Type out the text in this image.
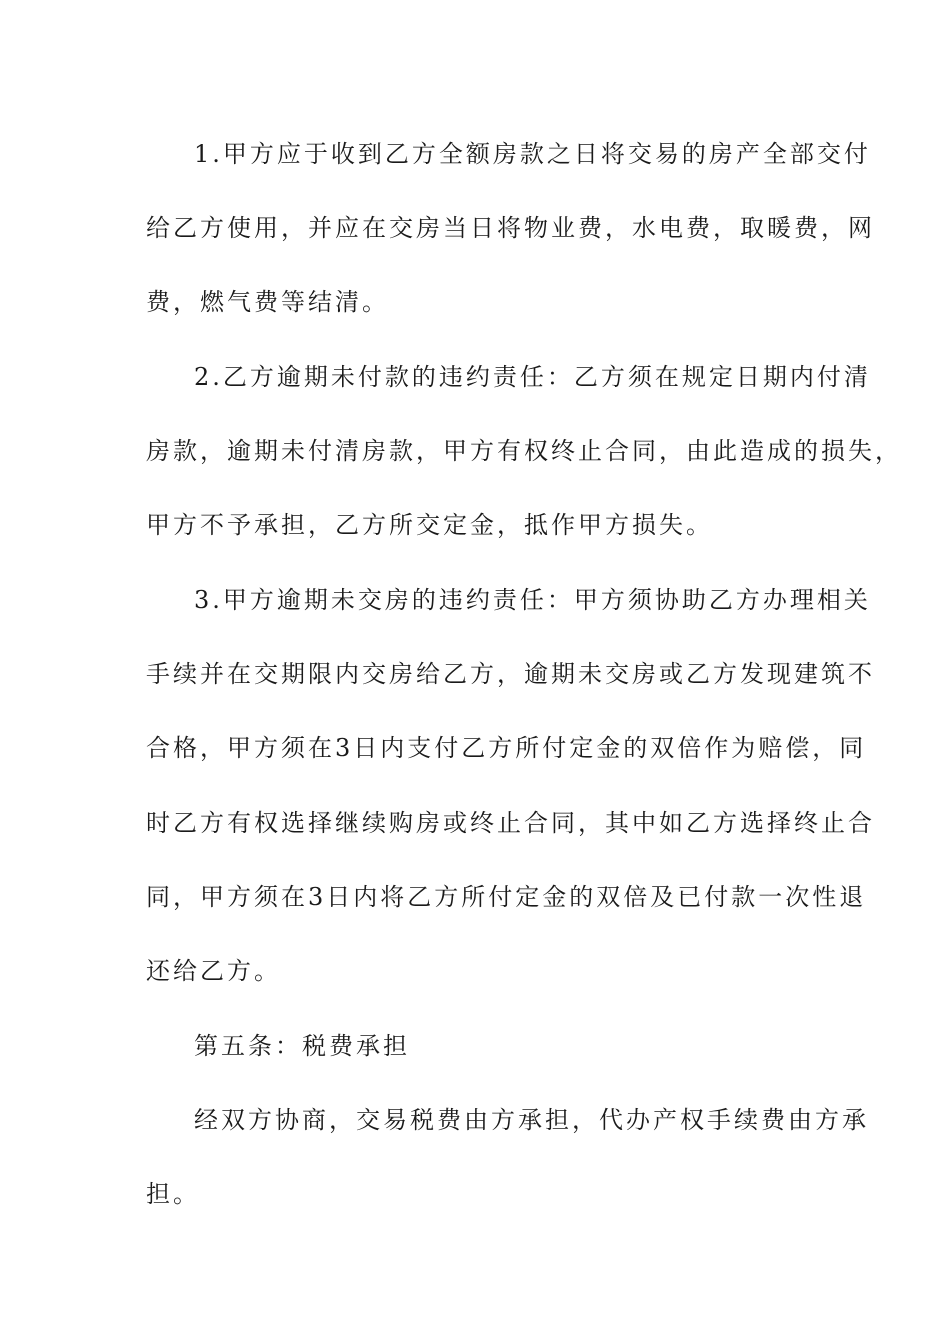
1.甲方应于收到乙方全额房款之日将交易的房产全部交付
给乙方使用，并应在交房当日将物业费，水电费，取暖费，网
费，燃气费等结清。
2.乙方逾期未付款的违约责任：乙方须在规定日期内付清
房款，逾期未付清房款，甲方有权终止合同，由此造成的损失，
甲方不予承担，乙方所交定金，抵作甲方损失。
3.甲方逾期未交房的违约责任：甲方须协助乙方办理相关
手续并在交期限内交房给乙方，逾期未交房或乙方发现建筑不
合格，甲方须在3日内支付乙方所付定金的双倍作为赔偿，同
时乙方有权选择继续购房或终止合同，其中如乙方选择终止合
同，甲方须在3日内将乙方所付定金的双倍及已付款一次性退
还给乙方。
第五条：税费承担
经双方协商，交易税费由方承担，代办产权手续费由方承
担。
